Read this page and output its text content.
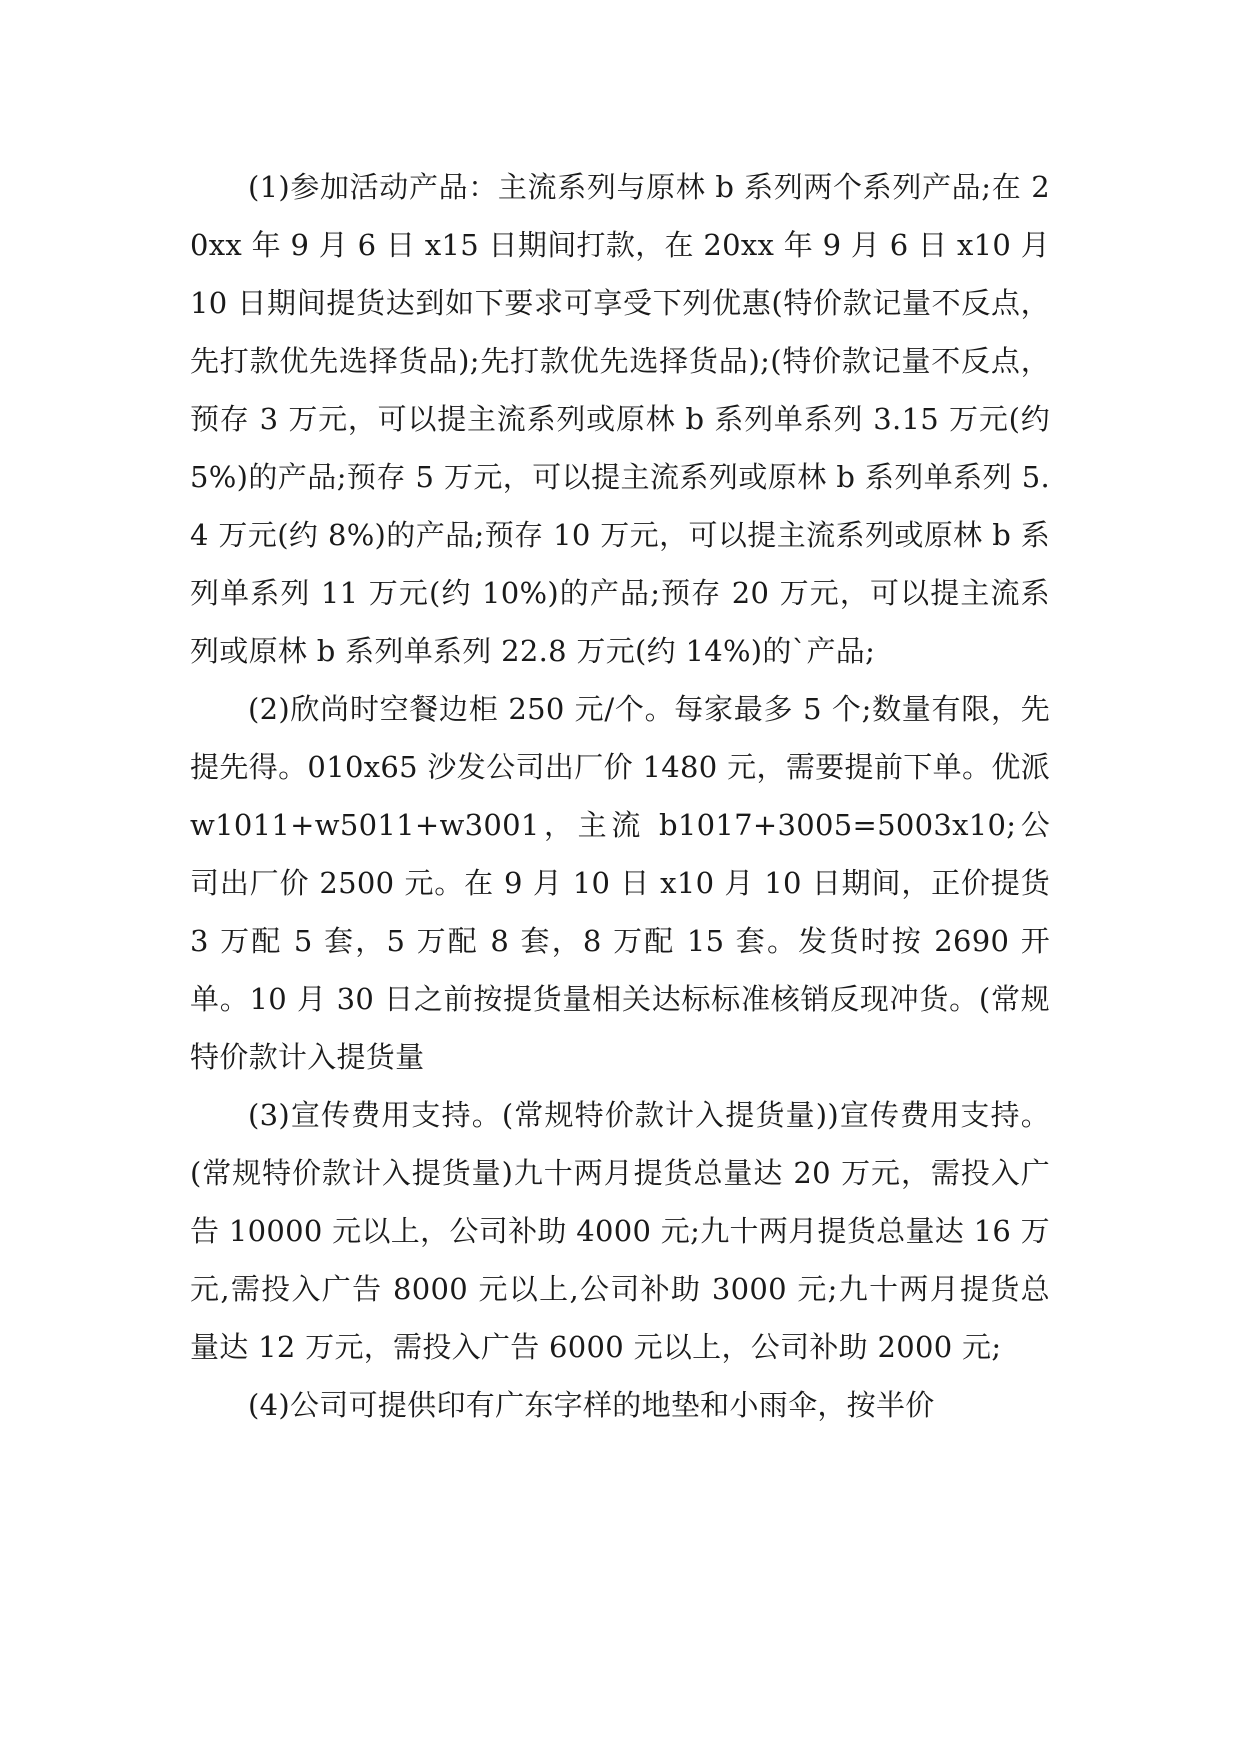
(1)参加活动产品：主流系列与原林 b 系列两个系列产品;在 20xx 年 9 月 6 日 x15 日期间打款，在 20xx 年 9 月 6 日 x10 月 10 日期间提货达到如下要求可享受下列优惠(特价款记量不反点，先打款优先选择货品);先打款优先选择货品);(特价款记量不反点，预存 3 万元，可以提主流系列或原林 b 系列单系列 3.15 万元(约 5%)的产品;预存 5 万元，可以提主流系列或原林 b 系列单系列 5.4 万元(约 8%)的产品;预存 10 万元，可以提主流系列或原林 b 系列单系列 11 万元(约 10%)的产品;预存 20 万元，可以提主流系列或原林 b 系列单系列 22.8 万元(约 14%)的`产品;

(2)欣尚时空餐边柜 250 元/个。每家最多 5 个;数量有限，先提先得。010x65 沙发公司出厂价 1480 元，需要提前下单。优派 w1011+w5011+w3001，主流 b1017+3005=5003x10;公司出厂价 2500 元。在 9 月 10 日 x10 月 10 日期间，正价提货 3 万配 5 套，5 万配 8 套，8 万配 15 套。发货时按 2690 开单。10 月 30 日之前按提货量相关达标标准核销反现冲货。(常规特价款计入提货量

(3)宣传费用支持。(常规特价款计入提货量))宣传费用支持。(常规特价款计入提货量)九十两月提货总量达 20 万元，需投入广告 10000 元以上，公司补助 4000 元;九十两月提货总量达 16 万元,需投入广告 8000 元以上,公司补助 3000 元;九十两月提货总量达 12 万元，需投入广告 6000 元以上，公司补助 2000 元;

(4)公司可提供印有广东字样的地垫和小雨伞，按半价
